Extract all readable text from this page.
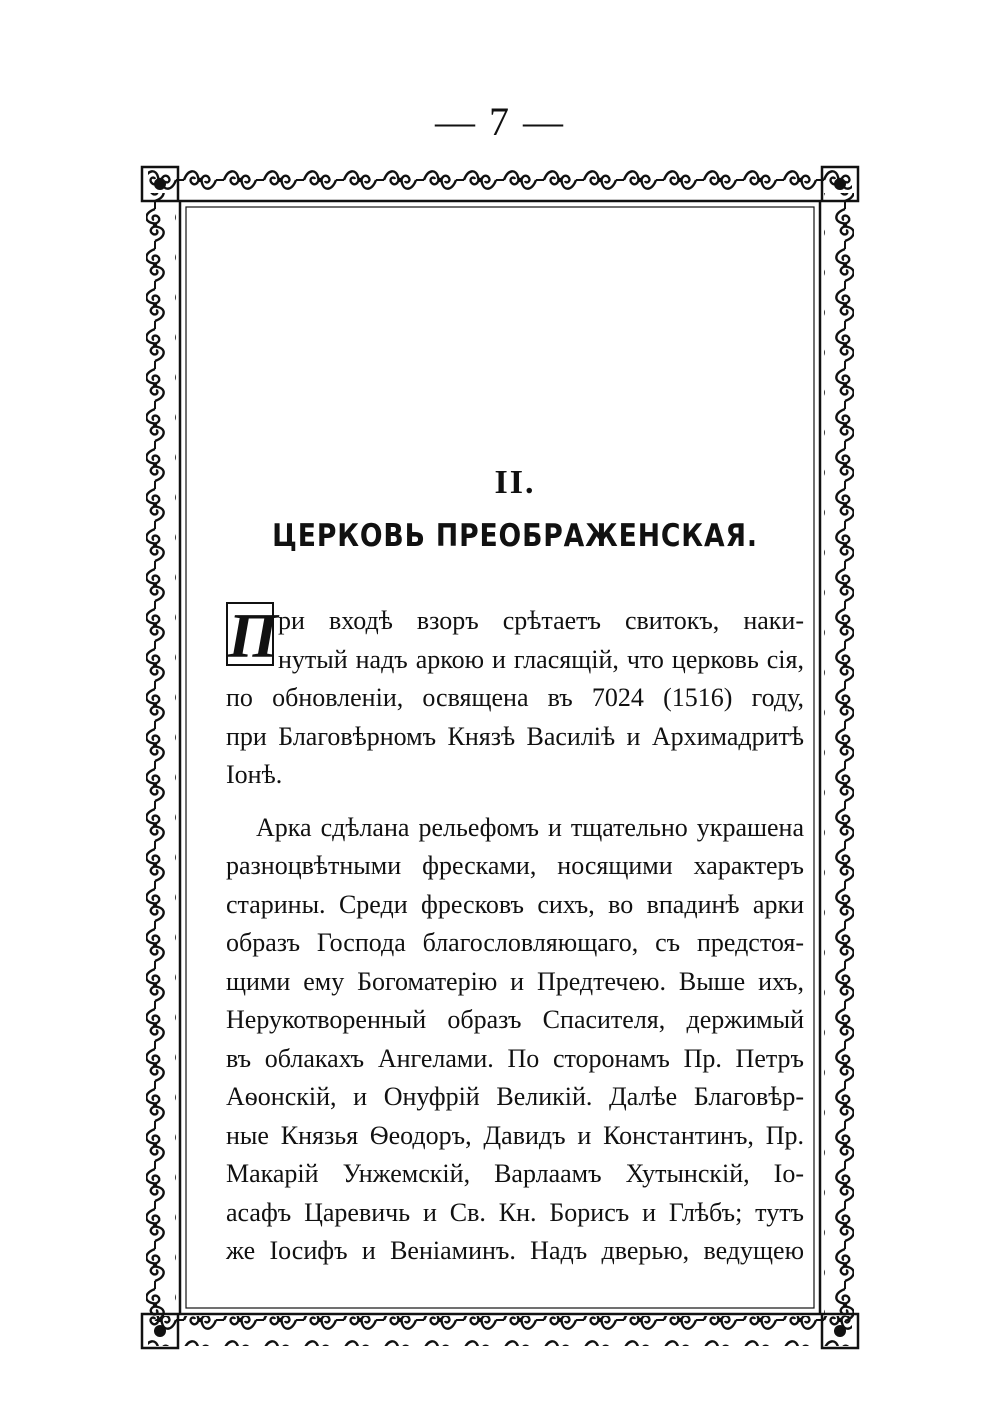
— 7 —
II.
ЦЕРКОВЬ ПРЕОБРАЖЕНСКАЯ.
П ри входѣ взоръ срѣтаетъ свитокъ, наки-
нутый надъ аркою и гласящій, что церковь сія,
по обновленіи, освящена въ 7024 (1516) году,
при Благовѣрномъ Князѣ Василіѣ и Архимадритѣ
Іонѣ.
Арка сдѣлана рельефомъ и тщательно украшена
разноцвѣтными фресками, носящими характеръ
старины. Среди фресковъ сихъ, во впадинѣ арки
образъ Господа благословляющаго, съ предстоя-
щими ему Богоматерію и Предтечею. Выше ихъ,
Нерукотворенный образъ Спасителя, держимый
въ облакахъ Ангелами. По сторонамъ Пр. Петръ
Аѳонскій, и Онуфрій Великій. Далѣе Благовѣр-
ные Князья Ѳеодоръ, Давидъ и Константинъ, Пр.
Макарій Унжемскій, Варлаамъ Хутынскій, Іо-
асафъ Царевичь и Св. Кн. Борисъ и Глѣбъ; тутъ
же Іосифъ и Веніаминъ. Надъ дверью, ведущею
